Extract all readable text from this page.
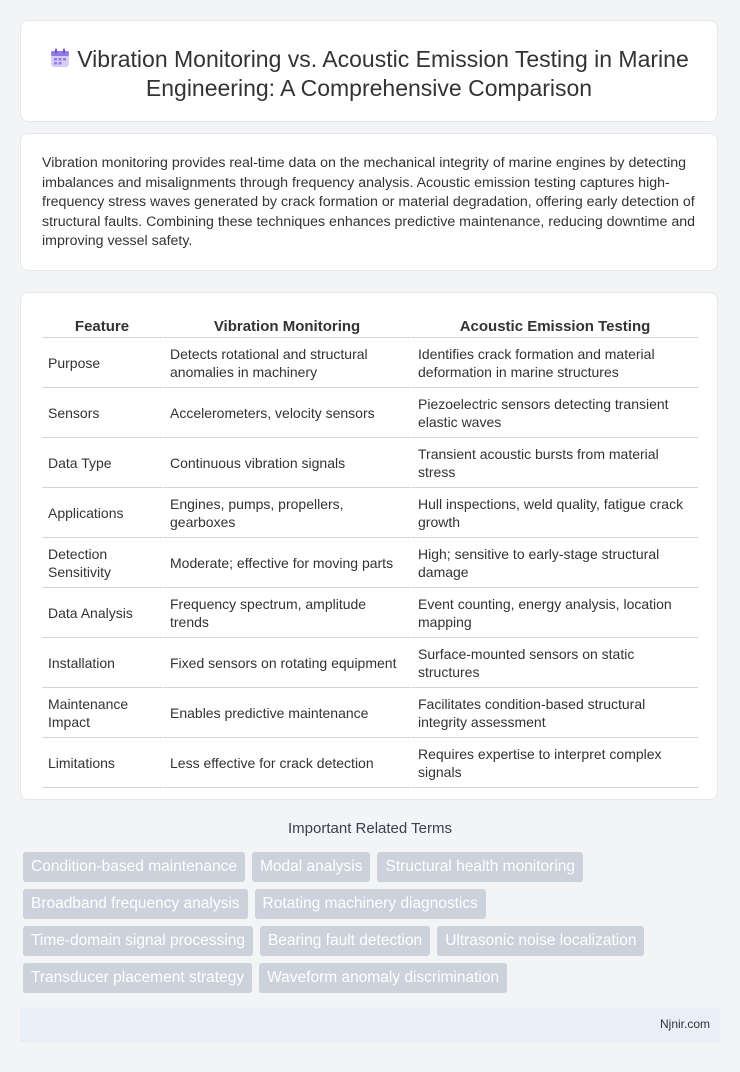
Vibration Monitoring vs. Acoustic Emission Testing in Marine Engineering: A Comprehensive Comparison
Vibration monitoring provides real-time data on the mechanical integrity of marine engines by detecting imbalances and misalignments through frequency analysis. Acoustic emission testing captures high-frequency stress waves generated by crack formation or material degradation, offering early detection of structural faults. Combining these techniques enhances predictive maintenance, reducing downtime and improving vessel safety.
Feature	Vibration Monitoring	Acoustic Emission Testing
Purpose	Detects rotational and structural anomalies in machinery	Identifies crack formation and material deformation in marine structures
Sensors	Accelerometers, velocity sensors	Piezoelectric sensors detecting transient elastic waves
Data Type	Continuous vibration signals	Transient acoustic bursts from material stress
Applications	Engines, pumps, propellers, gearboxes	Hull inspections, weld quality, fatigue crack growth
Detection Sensitivity	Moderate; effective for moving parts	High; sensitive to early-stage structural damage
Data Analysis	Frequency spectrum, amplitude trends	Event counting, energy analysis, location mapping
Installation	Fixed sensors on rotating equipment	Surface-mounted sensors on static structures
Maintenance Impact	Enables predictive maintenance	Facilitates condition-based structural integrity assessment
Limitations	Less effective for crack detection	Requires expertise to interpret complex signals
Important Related Terms
Condition-based maintenance Modal analysis Structural health monitoring
Broadband frequency analysis Rotating machinery diagnostics
Time-domain signal processing Bearing fault detection Ultrasonic noise localization
Transducer placement strategy Waveform anomaly discrimination
Njnir.com
